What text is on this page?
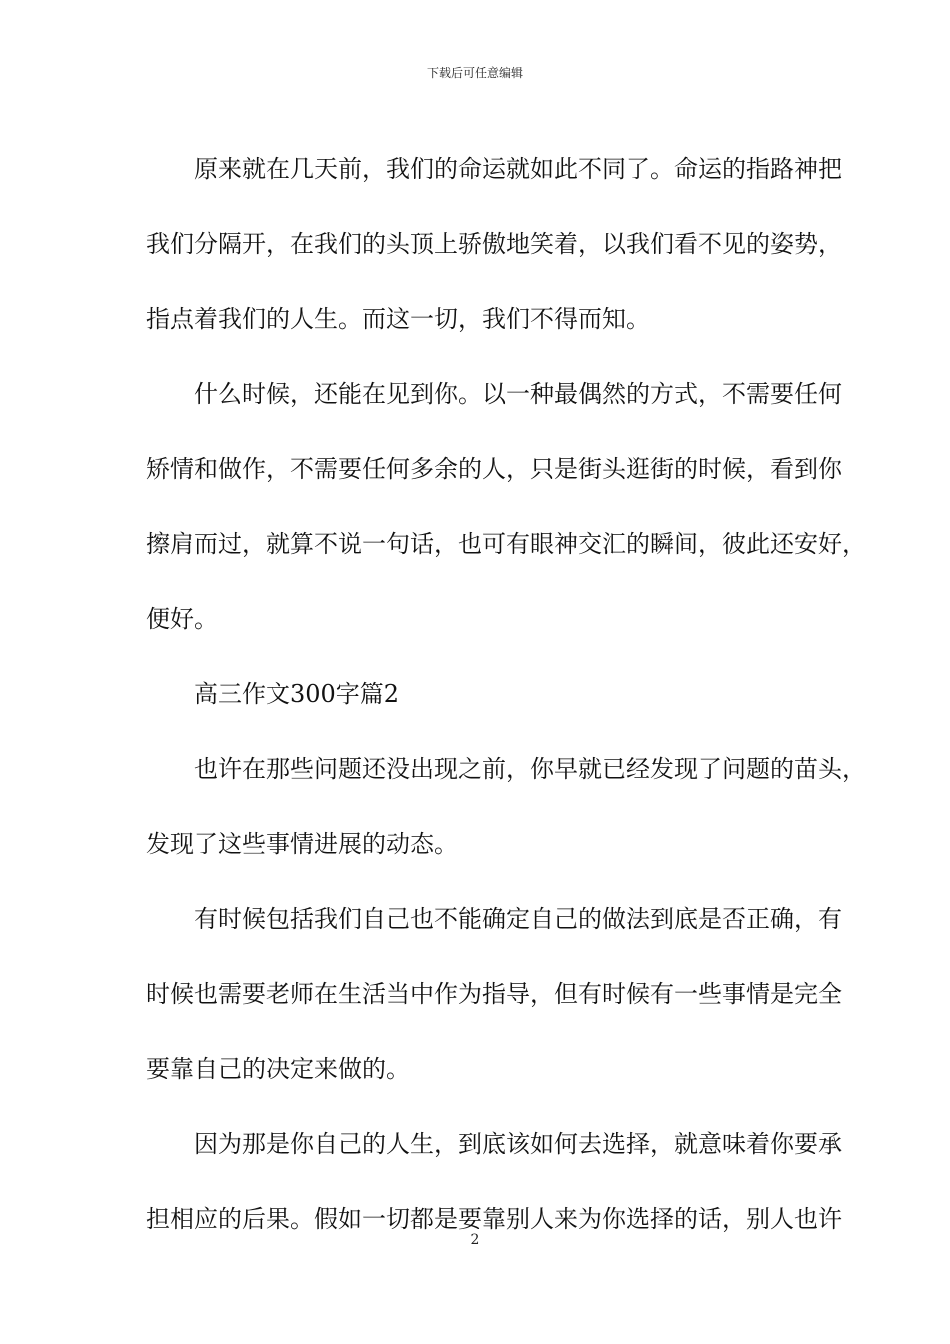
下载后可任意编辑
原来就在几天前，我们的命运就如此不同了。命运的指路神把
我们分隔开，在我们的头顶上骄傲地笑着，以我们看不见的姿势，
指点着我们的人生。而这一切，我们不得而知。
什么时候，还能在见到你。以一种最偶然的方式，不需要任何
矫情和做作，不需要任何多余的人，只是街头逛街的时候，看到你
擦肩而过，就算不说一句话，也可有眼神交汇的瞬间，彼此还安好，
便好。
高三作文300字篇2
也许在那些问题还没出现之前，你早就已经发现了问题的苗头，
发现了这些事情进展的动态。
有时候包括我们自己也不能确定自己的做法到底是否正确，有
时候也需要老师在生活当中作为指导，但有时候有一些事情是完全
要靠自己的决定来做的。
因为那是你自己的人生，到底该如何去选择，就意味着你要承
担相应的后果。假如一切都是要靠别人来为你选择的话，别人也许
2
